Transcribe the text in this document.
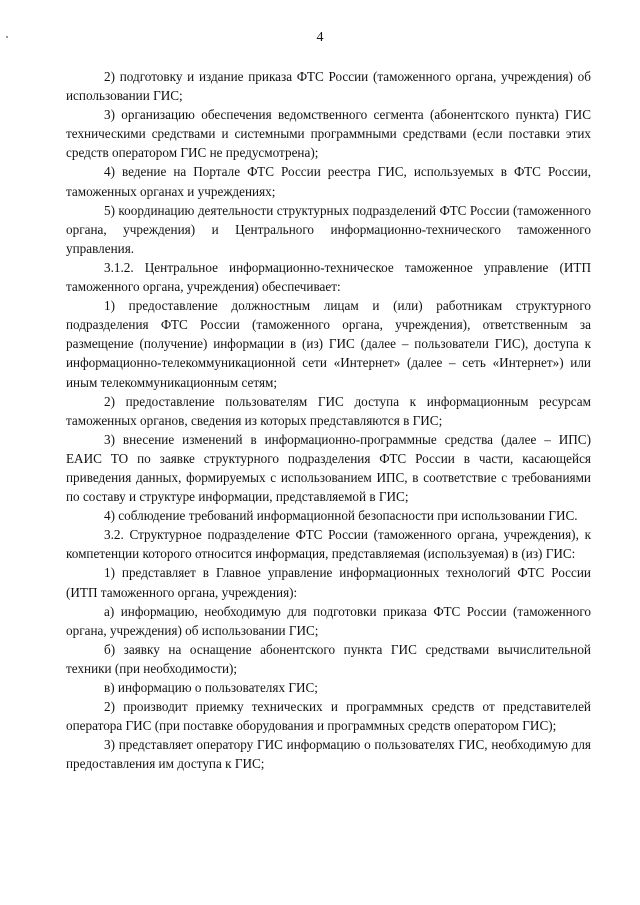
4

2) подготовку и издание приказа ФТС России (таможенного органа, учреждения) об использовании ГИС;

3) организацию обеспечения ведомственного сегмента (абонентского пункта) ГИС техническими средствами и системными программными средствами (если поставки этих средств оператором ГИС не предусмотрена);

4) ведение на Портале ФТС России реестра ГИС, используемых в ФТС России, таможенных органах и учреждениях;

5) координацию деятельности структурных подразделений ФТС России (таможенного органа, учреждения) и Центрального информационно-технического таможенного управления.

3.1.2. Центральное информационно-техническое таможенное управление (ИТП таможенного органа, учреждения) обеспечивает:

1) предоставление должностным лицам и (или) работникам структурного подразделения ФТС России (таможенного органа, учреждения), ответственным за размещение (получение) информации в (из) ГИС (далее – пользователи ГИС), доступа к информационно-телекоммуникационной сети «Интернет» (далее – сеть «Интернет») или иным телекоммуникационным сетям;

2) предоставление пользователям ГИС доступа к информационным ресурсам таможенных органов, сведения из которых представляются в ГИС;

3) внесение изменений в информационно-программные средства (далее – ИПС) ЕАИС ТО по заявке структурного подразделения ФТС России в части, касающейся приведения данных, формируемых с использованием ИПС, в соответствие с требованиями по составу и структуре информации, представляемой в ГИС;

4) соблюдение требований информационной безопасности при использовании ГИС.

3.2. Структурное подразделение ФТС России (таможенного органа, учреждения), к компетенции которого относится информация, представляемая (используемая) в (из) ГИС:

1) представляет в Главное управление информационных технологий ФТС России (ИТП таможенного органа, учреждения):

а) информацию, необходимую для подготовки приказа ФТС России (таможенного органа, учреждения) об использовании ГИС;

б) заявку на оснащение абонентского пункта ГИС средствами вычислительной техники (при необходимости);

в) информацию о пользователях ГИС;

2) производит приемку технических и программных средств от представителей оператора ГИС (при поставке оборудования и программных средств оператором ГИС);

3) представляет оператору ГИС информацию о пользователях ГИС, необходимую для предоставления им доступа к ГИС;
